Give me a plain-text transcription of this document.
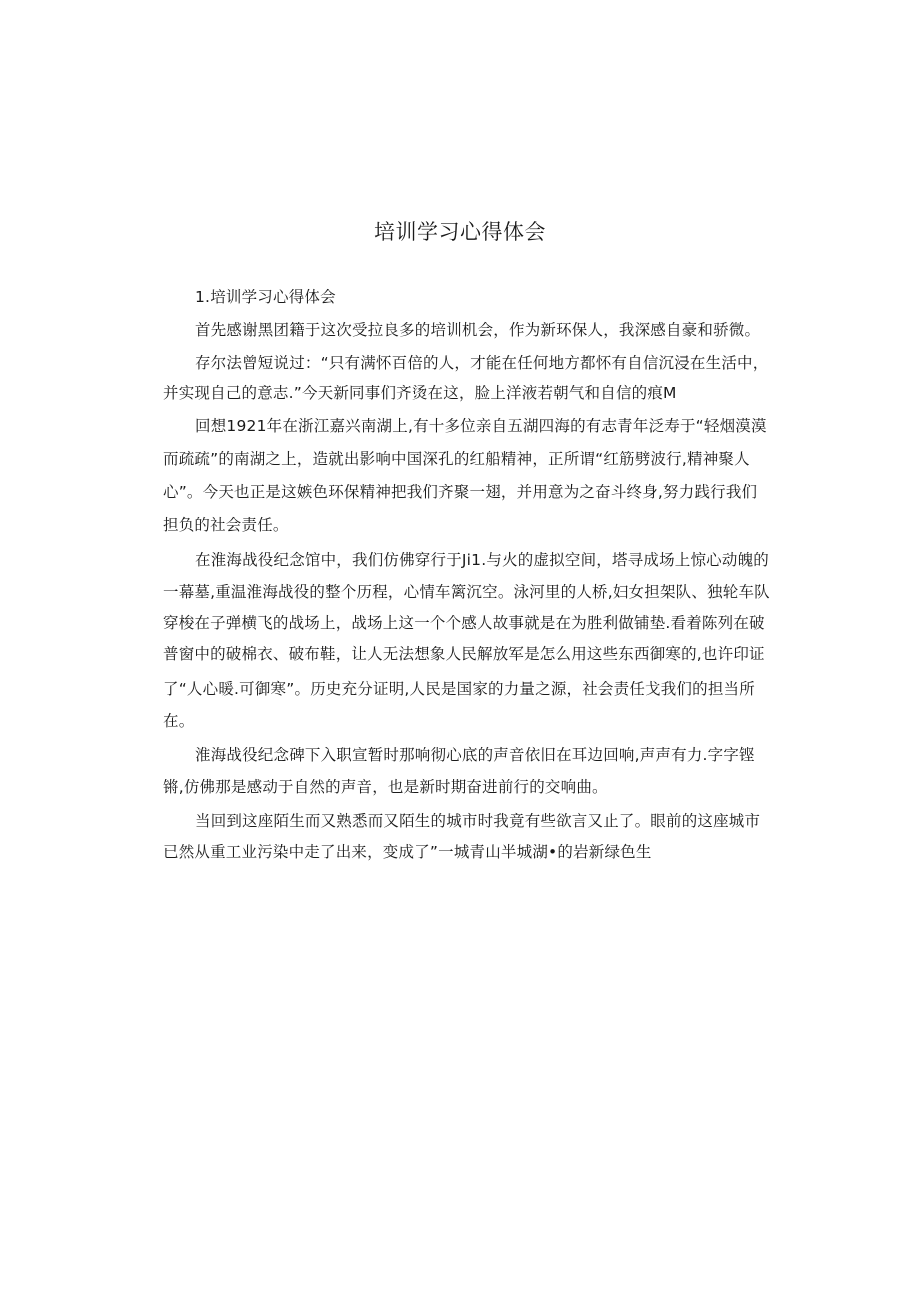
培训学习心得体会
1.培训学习心得体会
首先感谢黑团籍于这次受拉良多的培训机会，作为新环保人，我深感自豪和骄微。
存尔法曾短说过：“只有满怀百倍的人，才能在任何地方都怀有自信沉浸在生活中，
并实现自己的意志.”今天新同事们齐烫在这，脸上洋液若朝气和自信的痕M
回想1921年在浙江嘉兴南湖上,有十多位亲自五湖四海的有志青年泛寿于“轻烟漠漠
而疏疏”的南湖之上，造就出影响中国深孔的红船精神，正所谓“红筋劈波行,精神聚人
心”。今天也正是这嫉色环保精神把我们齐聚一翅，并用意为之奋斗终身,努力践行我们
担负的社会责任。
在淮海战役纪念馆中，我们仿佛穿行于Ji1.与火的虚拟空间，塔寻成场上惊心动魄的
一幕墓,重温淮海战役的整个历程，心情车篱沉空。泳河里的人桥,妇女担架队、独轮车队
穿梭在子弹横飞的战场上，战场上这一个个感人故事就是在为胜利做铺垫.看着陈列在破
普窗中的破棉衣、破布鞋，让人无法想象人民解放军是怎么用这些东西御寒的,也许印证
了“人心暖.可御寒”。历史充分证明,人民是国家的力量之源，社会责任戈我们的担当所
在。
淮海战役纪念碑下入职宣暂时那响彻心底的声音依旧在耳边回响,声声有力.字字铿
锵,仿佛那是感动于自然的声音，也是新时期奋进前行的交响曲。
当回到这座陌生而又熟悉而又陌生的城市时我竟有些欲言又止了。眼前的这座城市
已然从重工业污染中走了出来，变成了”一城青山半城湖•的岩新绿色生
